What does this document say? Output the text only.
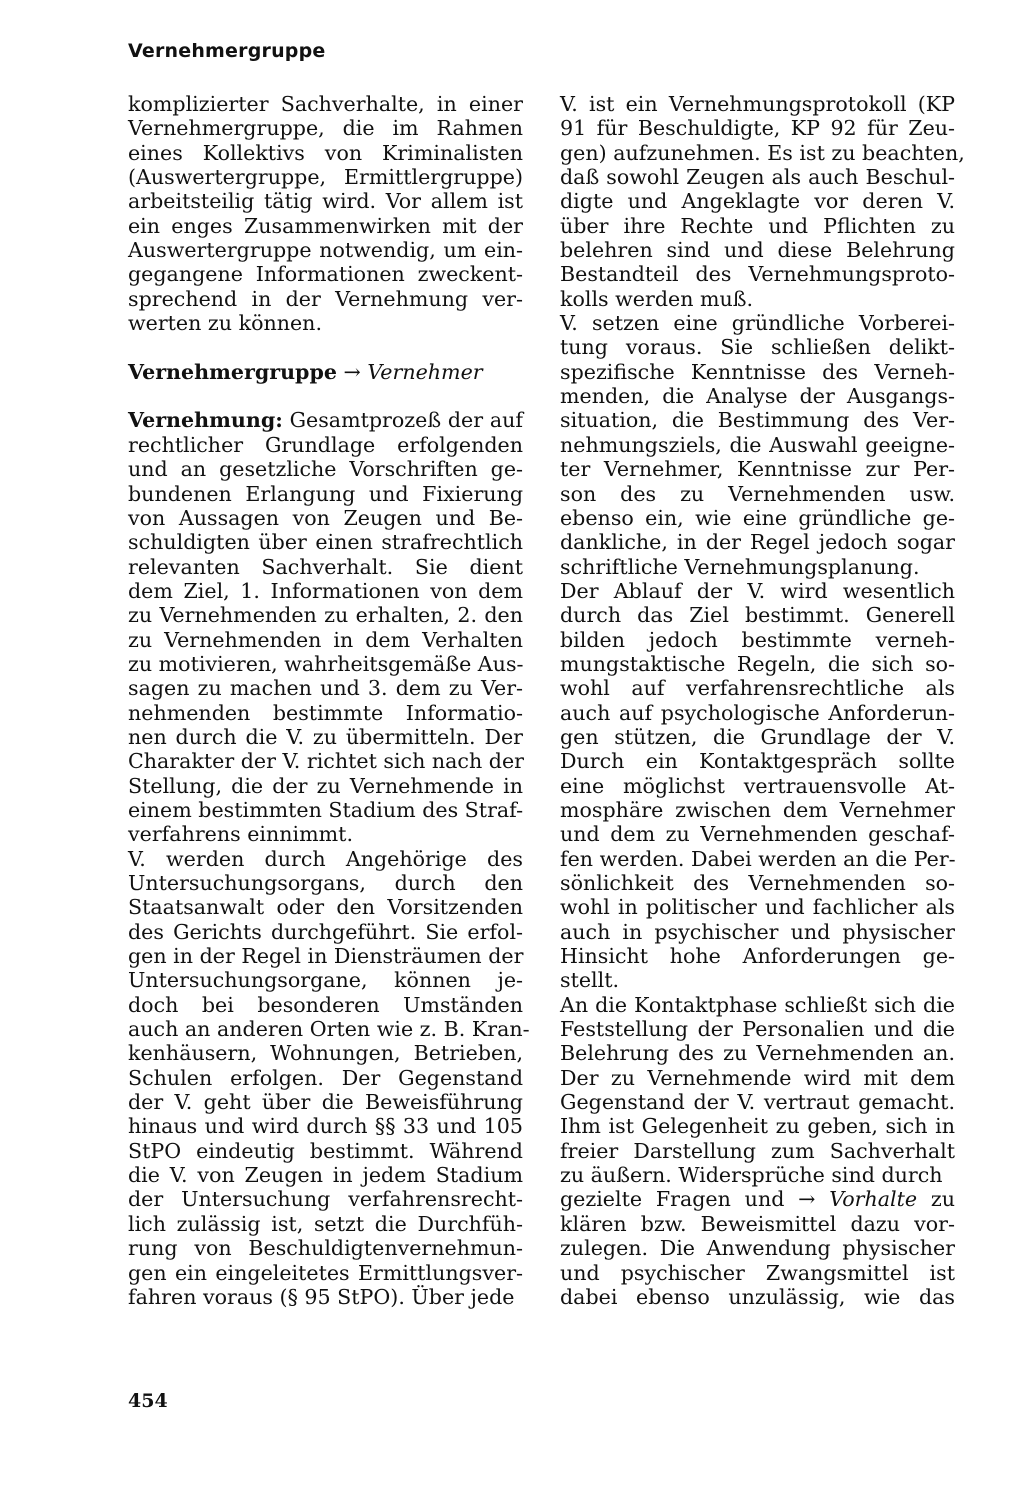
Vernehmergruppe
komplizierter Sachverhalte, in einer
Vernehmergruppe, die im Rahmen
eines Kollektivs von Kriminalisten
(Auswertergruppe, Ermittlergruppe)
arbeitsteilig tätig wird. Vor allem ist
ein enges Zusammenwirken mit der
Auswertergruppe notwendig, um ein-
gegangene Informationen zweckent-
sprechend in der Vernehmung ver-
werten zu können.
Vernehmergruppe → Vernehmer
Vernehmung: Gesamtprozeß der auf
rechtlicher Grundlage erfolgenden
und an gesetzliche Vorschriften ge-
bundenen Erlangung und Fixierung
von Aussagen von Zeugen und Be-
schuldigten über einen strafrechtlich
relevanten Sachverhalt. Sie dient
dem Ziel, 1. Informationen von dem
zu Vernehmenden zu erhalten, 2. den
zu Vernehmenden in dem Verhalten
zu motivieren, wahrheitsgemäße Aus-
sagen zu machen und 3. dem zu Ver-
nehmenden bestimmte Informatio-
nen durch die V. zu übermitteln. Der
Charakter der V. richtet sich nach der
Stellung, die der zu Vernehmende in
einem bestimmten Stadium des Straf-
verfahrens einnimmt.
V. werden durch Angehörige des
Untersuchungsorgans, durch den
Staatsanwalt oder den Vorsitzenden
des Gerichts durchgeführt. Sie erfol-
gen in der Regel in Diensträumen der
Untersuchungsorgane, können je-
doch bei besonderen Umständen
auch an anderen Orten wie z. B. Kran-
kenhäusern, Wohnungen, Betrieben,
Schulen erfolgen. Der Gegenstand
der V. geht über die Beweisführung
hinaus und wird durch §§ 33 und 105
StPO eindeutig bestimmt. Während
die V. von Zeugen in jedem Stadium
der Untersuchung verfahrensrecht-
lich zulässig ist, setzt die Durchfüh-
rung von Beschuldigtenvernehmun-
gen ein eingeleitetes Ermittlungsver-
fahren voraus (§ 95 StPO). Über jede
V. ist ein Vernehmungsprotokoll (KP
91 für Beschuldigte, KP 92 für Zeu-
gen) aufzunehmen. Es ist zu beachten,
daß sowohl Zeugen als auch Beschul-
digte und Angeklagte vor deren V.
über ihre Rechte und Pflichten zu
belehren sind und diese Belehrung
Bestandteil des Vernehmungsproto-
kolls werden muß.
V. setzen eine gründliche Vorberei-
tung voraus. Sie schließen delikt-
spezifische Kenntnisse des Verneh-
menden, die Analyse der Ausgangs-
situation, die Bestimmung des Ver-
nehmungsziels, die Auswahl geeigne-
ter Vernehmer, Kenntnisse zur Per-
son des zu Vernehmenden usw.
ebenso ein, wie eine gründliche ge-
dankliche, in der Regel jedoch sogar
schriftliche Vernehmungsplanung.
Der Ablauf der V. wird wesentlich
durch das Ziel bestimmt. Generell
bilden jedoch bestimmte verneh-
mungstaktische Regeln, die sich so-
wohl auf verfahrensrechtliche als
auch auf psychologische Anforderun-
gen stützen, die Grundlage der V.
Durch ein Kontaktgespräch sollte
eine möglichst vertrauensvolle At-
mosphäre zwischen dem Vernehmer
und dem zu Vernehmenden geschaf-
fen werden. Dabei werden an die Per-
sönlichkeit des Vernehmenden so-
wohl in politischer und fachlicher als
auch in psychischer und physischer
Hinsicht hohe Anforderungen ge-
stellt.
An die Kontaktphase schließt sich die
Feststellung der Personalien und die
Belehrung des zu Vernehmenden an.
Der zu Vernehmende wird mit dem
Gegenstand der V. vertraut gemacht.
Ihm ist Gelegenheit zu geben, sich in
freier Darstellung zum Sachverhalt
zu äußern. Widersprüche sind durch
gezielte Fragen und → Vorhalte zu
klären bzw. Beweismittel dazu vor-
zulegen. Die Anwendung physischer
und psychischer Zwangsmittel ist
dabei ebenso unzulässig, wie das
454
